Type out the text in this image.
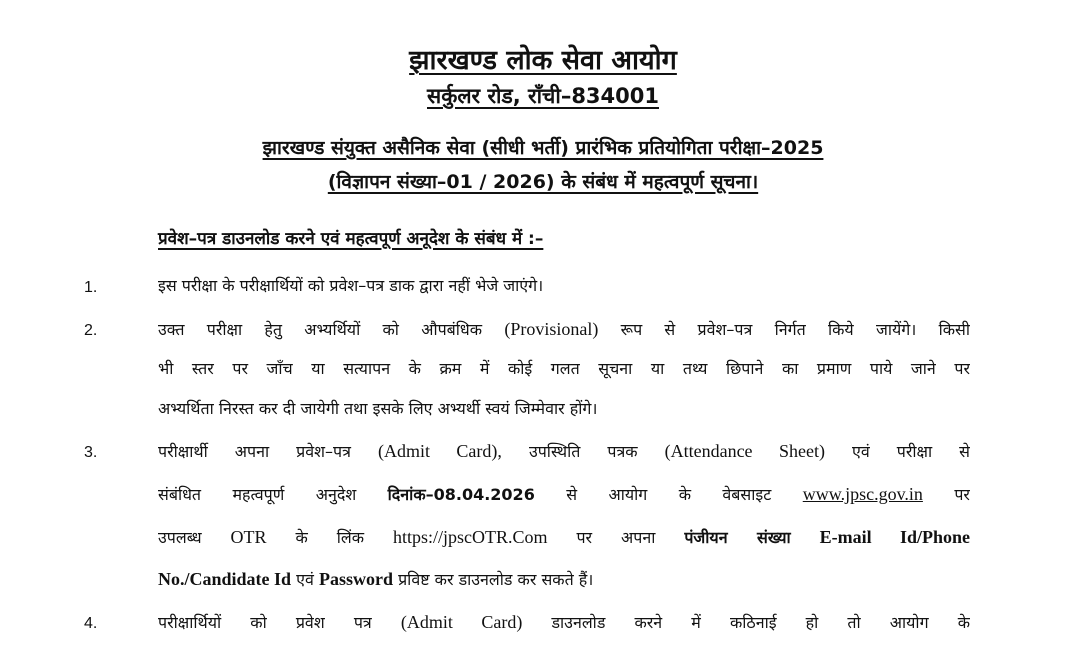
झारखण्ड लोक सेवा आयोग
सर्कुलर रोड, राँची–834001
झारखण्ड संयुक्त असैनिक सेवा (सीधी भर्ती) प्रारंभिक प्रतियोगिता परीक्षा–2025
(विज्ञापन संख्या–01 / 2026) के संबंध में महत्वपूर्ण सूचना।
प्रवेश–पत्र डाउनलोड करने एवं महत्वपूर्ण अनूदेश के संबंध में :–
1.	इस परीक्षा के परीक्षार्थियों को प्रवेश–पत्र डाक द्वारा नहीं भेजे जाएंगे।
2.	उक्त परीक्षा हेतु अभ्यर्थियों को औपबंधिक (Provisional) रूप से प्रवेश–पत्र निर्गत किये जायेंगे। किसी
भी स्तर पर जाँच या सत्यापन के क्रम में कोई गलत सूचना या तथ्य छिपाने का प्रमाण पाये जाने पर
अभ्यर्थिता निरस्त कर दी जायेगी तथा इसके लिए अभ्यर्थी स्वयं जिम्मेवार होंगे।
3.	परीक्षार्थी अपना प्रवेश–पत्र (Admit Card), उपस्थिति पत्रक (Attendance Sheet) एवं परीक्षा से
संबंधित महत्वपूर्ण अनुदेश दिनांक–08.04.2026 से आयोग के वेबसाइट www.jpsc.gov.in पर
उपलब्ध OTR के लिंक https://jpscOTR.Com पर अपना पंजीयन संख्या E-mail Id/Phone
No./Candidate Id एवं Password प्रविष्ट कर डाउनलोड कर सकते हैं।
4.	परीक्षार्थियों को प्रवेश पत्र (Admit Card) डाउनलोड करने में कठिनाई हो तो आयोग के
